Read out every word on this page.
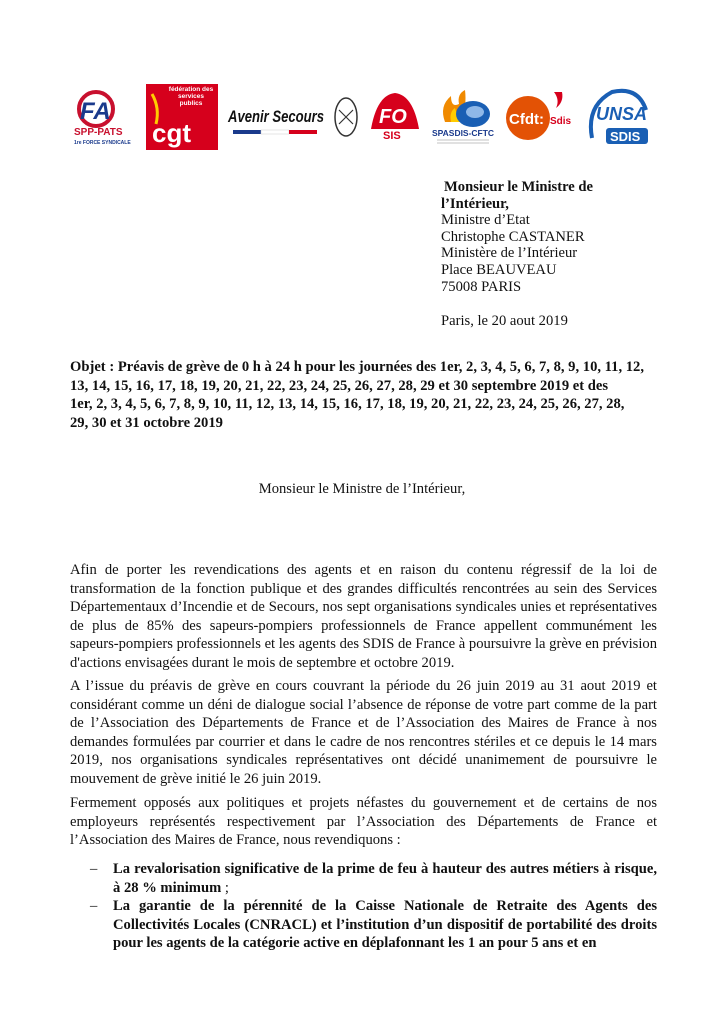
FA
SPP-PATS
1re FORCE SYNDICALE
fédération des services publics
cgt
Avenir Secours	FO
SIS	SPASDIS-CFTC
Cfdt: Sdis UNSA
SDIS
Monsieur le Ministre de
l’Intérieur,
Ministre d’Etat
Christophe CASTANER
Ministère de l’Intérieur
Place BEAUVEAU
75008 PARIS
Paris, le 20 aout 2019
Objet : Préavis de grève de 0 h à 24 h pour les journées des 1er, 2, 3, 4, 5, 6, 7, 8, 9, 10, 11, 12,
13, 14, 15, 16, 17, 18, 19, 20, 21, 22, 23, 24, 25, 26, 27, 28, 29 et 30 septembre 2019 et des
1er, 2, 3, 4, 5, 6, 7, 8, 9, 10, 11, 12, 13, 14, 15, 16, 17, 18, 19, 20, 21, 22, 23, 24, 25, 26, 27, 28,
29, 30 et 31 octobre 2019
Monsieur le Ministre de l’Intérieur,

Afin de porter les revendications des agents et en raison du contenu régressif de la loi de transformation de la fonction publique et des grandes difficultés rencontrées au sein des Services Départementaux d’Incendie et de Secours, nos sept organisations syndicales unies et représentatives de plus de 85% des sapeurs-pompiers professionnels de France appellent communément les sapeurs-pompiers professionnels et les agents des SDIS de France à poursuivre la grève en prévision d'actions envisagées durant le mois de septembre et octobre 2019.

A l’issue du préavis de grève en cours couvrant la période du 26 juin 2019 au 31 aout 2019 et considérant comme un déni de dialogue social l’absence de réponse de votre part comme de la part de l’Association des Départements de France et de l’Association des Maires de France à nos demandes formulées par courrier et dans le cadre de nos rencontres stériles et ce depuis le 14 mars 2019, nos organisations syndicales représentatives ont décidé unanimement de poursuivre le mouvement de grève initié le 26 juin 2019.

Fermement opposés aux politiques et projets néfastes du gouvernement et de certains de nos employeurs représentés respectivement par l’Association des Départements de France et l’Association des Maires de France, nous revendiquons :

– La revalorisation significative de la prime de feu à hauteur des autres métiers à risque, à 28 % minimum ;
– La garantie de la pérennité de la Caisse Nationale de Retraite des Agents des Collectivités Locales (CNRACL) et l’institution d’un dispositif de portabilité des droits pour les agents de la catégorie active en déplafonnant les 1 an pour 5 ans et en
